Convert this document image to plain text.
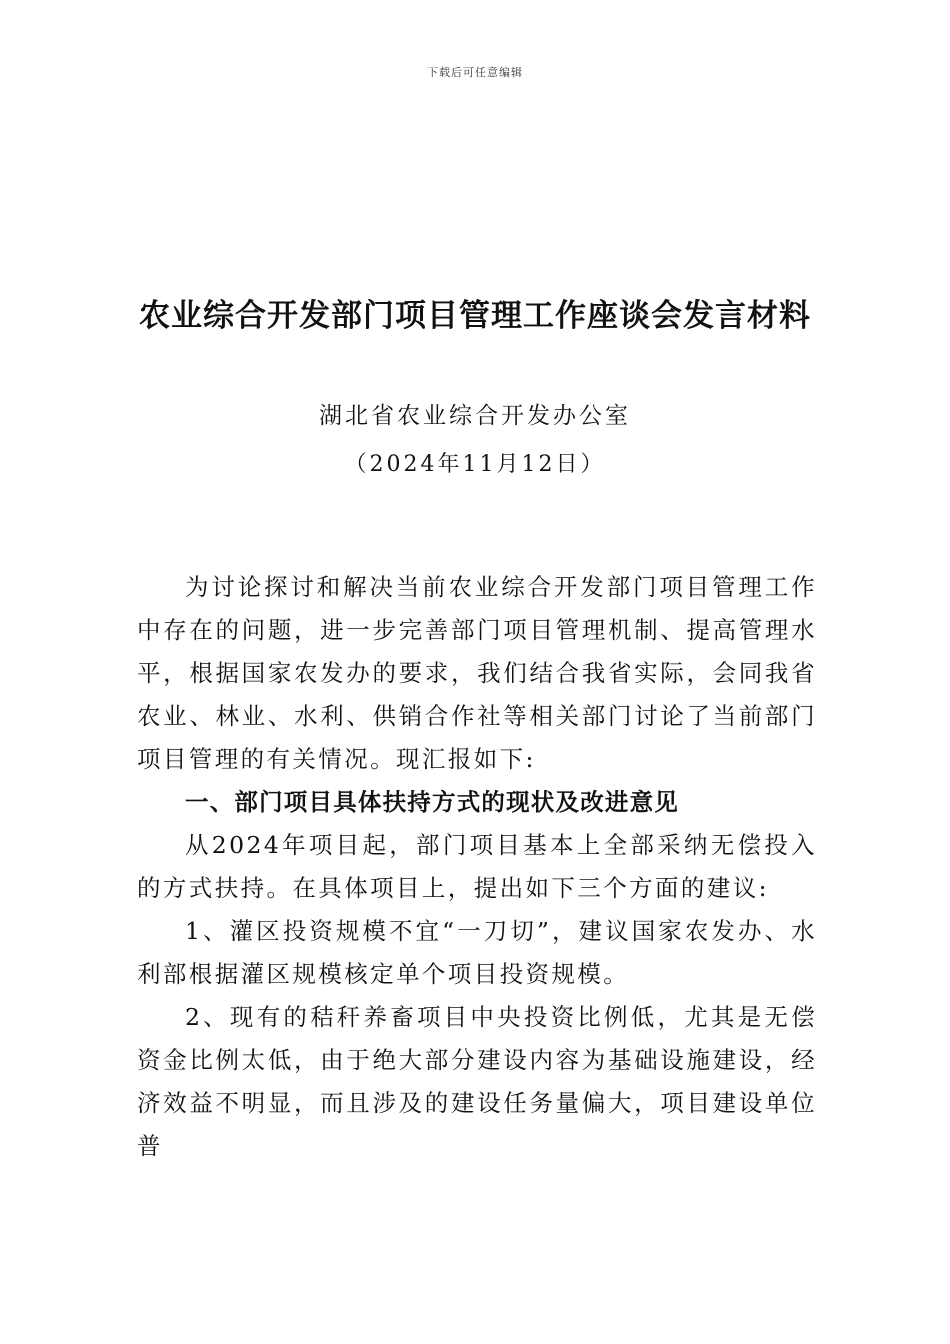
下载后可任意编辑
农业综合开发部门项目管理工作座谈会发言材料
湖北省农业综合开发办公室
（2024年11月12日）

为讨论探讨和解决当前农业综合开发部门项目管理工作中存在的问题，进一步完善部门项目管理机制、提高管理水平，根据国家农发办的要求，我们结合我省实际，会同我省农业、林业、水利、供销合作社等相关部门讨论了当前部门项目管理的有关情况。现汇报如下:

一、部门项目具体扶持方式的现状及改进意见

从2024年项目起，部门项目基本上全部采纳无偿投入的方式扶持。在具体项目上，提出如下三个方面的建议:

1、灌区投资规模不宜“一刀切”，建议国家农发办、水利部根据灌区规模核定单个项目投资规模。

2、现有的秸秆养畜项目中央投资比例低，尤其是无偿资金比例太低，由于绝大部分建设内容为基础设施建设，经济效益不明显，而且涉及的建设任务量偏大，项目建设单位普
